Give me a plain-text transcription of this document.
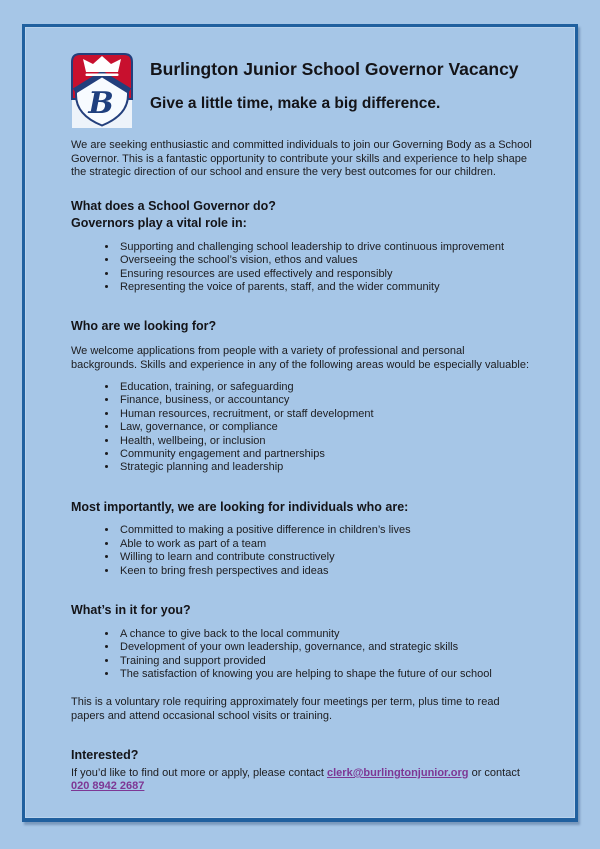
B
Burlington Junior School Governor Vacancy
Give a little time, make a big difference.

We are seeking enthusiastic and committed individuals to join our Governing Body as a School Governor. This is a fantastic opportunity to contribute your skills and experience to help shape the strategic direction of our school and ensure the very best outcomes for our children.

What does a School Governor do?
Governors play a vital role in:
• Supporting and challenging school leadership to drive continuous improvement
• Overseeing the school’s vision, ethos and values
• Ensuring resources are used effectively and responsibly
• Representing the voice of parents, staff, and the wider community
Who are we looking for?

We welcome applications from people with a variety of professional and personal backgrounds. Skills and experience in any of the following areas would be especially valuable:

• Education, training, or safeguarding
• Finance, business, or accountancy
• Human resources, recruitment, or staff development
• Law, governance, or compliance
• Health, wellbeing, or inclusion
• Community engagement and partnerships
• Strategic planning and leadership
Most importantly, we are looking for individuals who are:
• Committed to making a positive difference in children’s lives
• Able to work as part of a team
• Willing to learn and contribute constructively
• Keen to bring fresh perspectives and ideas
What’s in it for you?
• A chance to give back to the local community
• Development of your own leadership, governance, and strategic skills
• Training and support provided
• The satisfaction of knowing you are helping to shape the future of our school

This is a voluntary role requiring approximately four meetings per term, plus time to read papers and attend occasional school visits or training.

Interested?

If you’d like to find out more or apply, please contact clerk@burlingtonjunior.org or contact 020 8942 2687
